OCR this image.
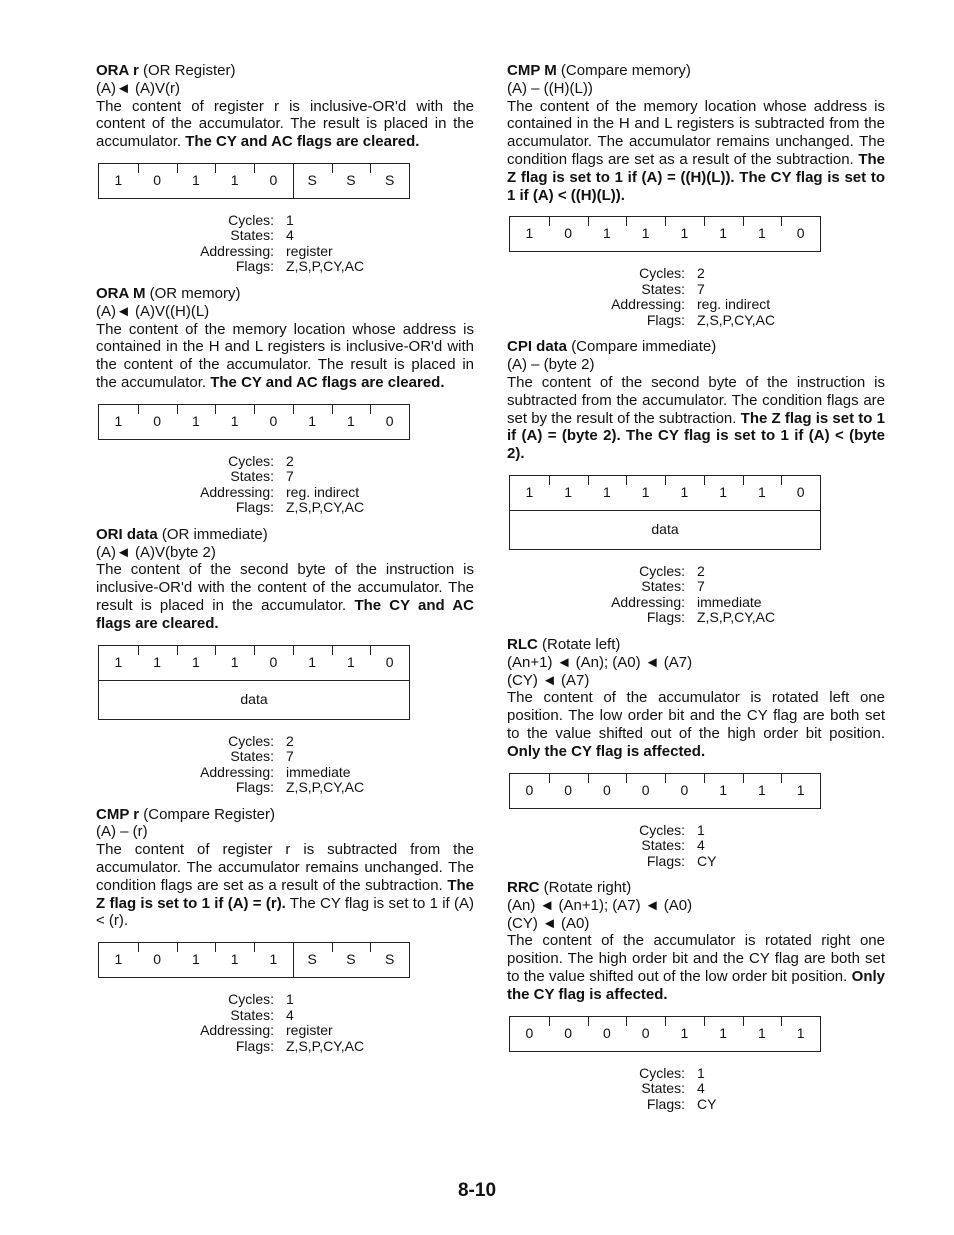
ORA r (OR Register)
(A)◄ (A)V(r)
The content of register r is inclusive-OR'd with the content of the accumulator. The result is placed in the accumulator. The CY and AC flags are cleared.
1	0	1	1	0	S	S	S
Cycles: 1
States: 4
Addressing: register
Flags: Z,S,P,CY,AC
ORA M (OR memory)
(A)◄ (A)V((H)(L)
The content of the memory location whose address is contained in the H and L registers is inclusive-OR'd with the content of the accumulator. The result is placed in the accumulator. The CY and AC flags are cleared.
1	0	1	1	0	1	1	0
Cycles: 2
States: 7
Addressing: reg. indirect
Flags: Z,S,P,CY,AC
ORI data (OR immediate)
(A)◄ (A)V(byte 2)
The content of the second byte of the instruction is inclusive-OR'd with the content of the accumulator. The result is placed in the accumulator. The CY and AC flags are cleared.
1	1	1	1	0	1	1	0
data
Cycles: 2
States: 7
Addressing: immediate
Flags: Z,S,P,CY,AC
CMP r (Compare Register)
(A) – (r)
The content of register r is subtracted from the accumulator. The accumulator remains unchanged. The condition flags are set as a result of the subtraction. The Z flag is set to 1 if (A) = (r). The CY flag is set to 1 if (A) < (r).
1	0	1	1	1	S	S	S
Cycles: 1
States: 4
Addressing: register
Flags: Z,S,P,CY,AC
CMP M (Compare memory)
(A) – ((H)(L))
The content of the memory location whose address is contained in the H and L registers is subtracted from the accumulator. The accumulator remains unchanged. The condition flags are set as a result of the subtraction. The Z flag is set to 1 if (A) = ((H)(L)). The CY flag is set to 1 if (A) < ((H)(L)).
1	0	1	1	1	1	1	0
Cycles: 2
States: 7
Addressing: reg. indirect
Flags: Z,S,P,CY,AC
CPI data (Compare immediate)
(A) – (byte 2)
The content of the second byte of the instruction is subtracted from the accumulator. The condition flags are set by the result of the subtraction. The Z flag is set to 1 if (A) = (byte 2). The CY flag is set to 1 if (A) < (byte 2).
1	1	1	1	1	1	1	0
data
Cycles: 2
States: 7
Addressing: immediate
Flags: Z,S,P,CY,AC
RLC (Rotate left)
(An+1) ◄ (An); (A0) ◄ (A7)
(CY) ◄ (A7)
The content of the accumulator is rotated left one position. The low order bit and the CY flag are both set to the value shifted out of the high order bit position. Only the CY flag is affected.
0	0	0	0	0	1	1	1
Cycles: 1
States: 4
Flags: CY
RRC (Rotate right)
(An) ◄ (An+1); (A7) ◄ (A0)
(CY) ◄ (A0)
The content of the accumulator is rotated right one position. The high order bit and the CY flag are both set to the value shifted out of the low order bit position. Only the CY flag is affected.
0	0	0	0	1	1	1	1
Cycles: 1
States: 4
Flags: CY
8-10
